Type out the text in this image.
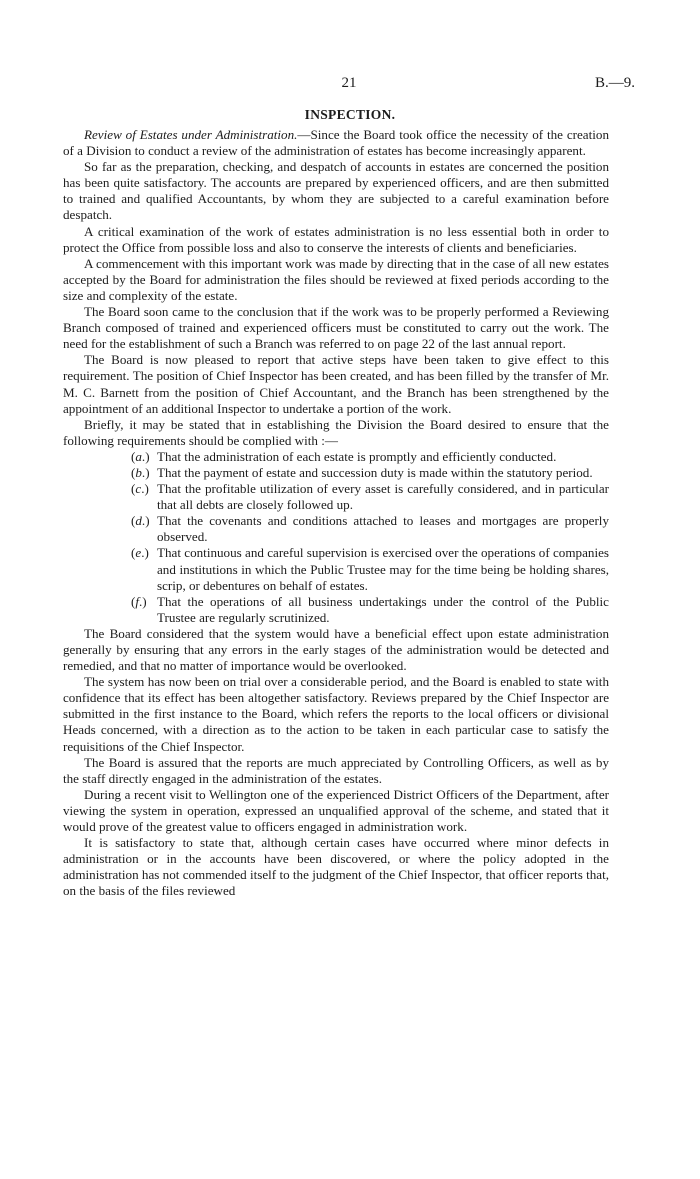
21	B.—9.
INSPECTION.

Review of Estates under Administration.—Since the Board took office the necessity of the creation of a Division to conduct a review of the administration of estates has become increasingly apparent.

So far as the preparation, checking, and despatch of accounts in estates are concerned the position has been quite satisfactory. The accounts are prepared by experienced officers, and are then submitted to trained and qualified Accountants, by whom they are subjected to a careful examination before despatch.

A critical examination of the work of estates administration is no less essential both in order to protect the Office from possible loss and also to conserve the interests of clients and beneficiaries.

A commencement with this important work was made by directing that in the case of all new estates accepted by the Board for administration the files should be reviewed at fixed periods according to the size and complexity of the estate.

The Board soon came to the conclusion that if the work was to be properly performed a Reviewing Branch composed of trained and experienced officers must be constituted to carry out the work. The need for the establishment of such a Branch was referred to on page 22 of the last annual report.

The Board is now pleased to report that active steps have been taken to give effect to this requirement. The position of Chief Inspector has been created, and has been filled by the transfer of Mr. M. C. Barnett from the position of Chief Accountant, and the Branch has been strengthened by the appointment of an additional Inspector to undertake a portion of the work.

Briefly, it may be stated that in establishing the Division the Board desired to ensure that the following requirements should be complied with :—

(a.) That the administration of each estate is promptly and efficiently conducted.
(b.) That the payment of estate and succession duty is made within the statutory period.
(c.) That the profitable utilization of every asset is carefully considered, and in particular that all debts are closely followed up.
(d.) That the covenants and conditions attached to leases and mortgages are properly observed.
(e.) That continuous and careful supervision is exercised over the operations of companies and institutions in which the Public Trustee may for the time being be holding shares, scrip, or debentures on behalf of estates.
(f.) That the operations of all business undertakings under the control of the Public Trustee are regularly scrutinized.

The Board considered that the system would have a beneficial effect upon estate administration generally by ensuring that any errors in the early stages of the administration would be detected and remedied, and that no matter of importance would be overlooked.

The system has now been on trial over a considerable period, and the Board is enabled to state with confidence that its effect has been altogether satisfactory. Reviews prepared by the Chief Inspector are submitted in the first instance to the Board, which refers the reports to the local officers or divisional Heads concerned, with a direction as to the action to be taken in each particular case to satisfy the requisitions of the Chief Inspector.

The Board is assured that the reports are much appreciated by Controlling Officers, as well as by the staff directly engaged in the administration of the estates.

During a recent visit to Wellington one of the experienced District Officers of the Department, after viewing the system in operation, expressed an unqualified approval of the scheme, and stated that it would prove of the greatest value to officers engaged in administration work.

It is satisfactory to state that, although certain cases have occurred where minor defects in administration or in the accounts have been discovered, or where the policy adopted in the administration has not commended itself to the judgment of the Chief Inspector, that officer reports that, on the basis of the files reviewed
